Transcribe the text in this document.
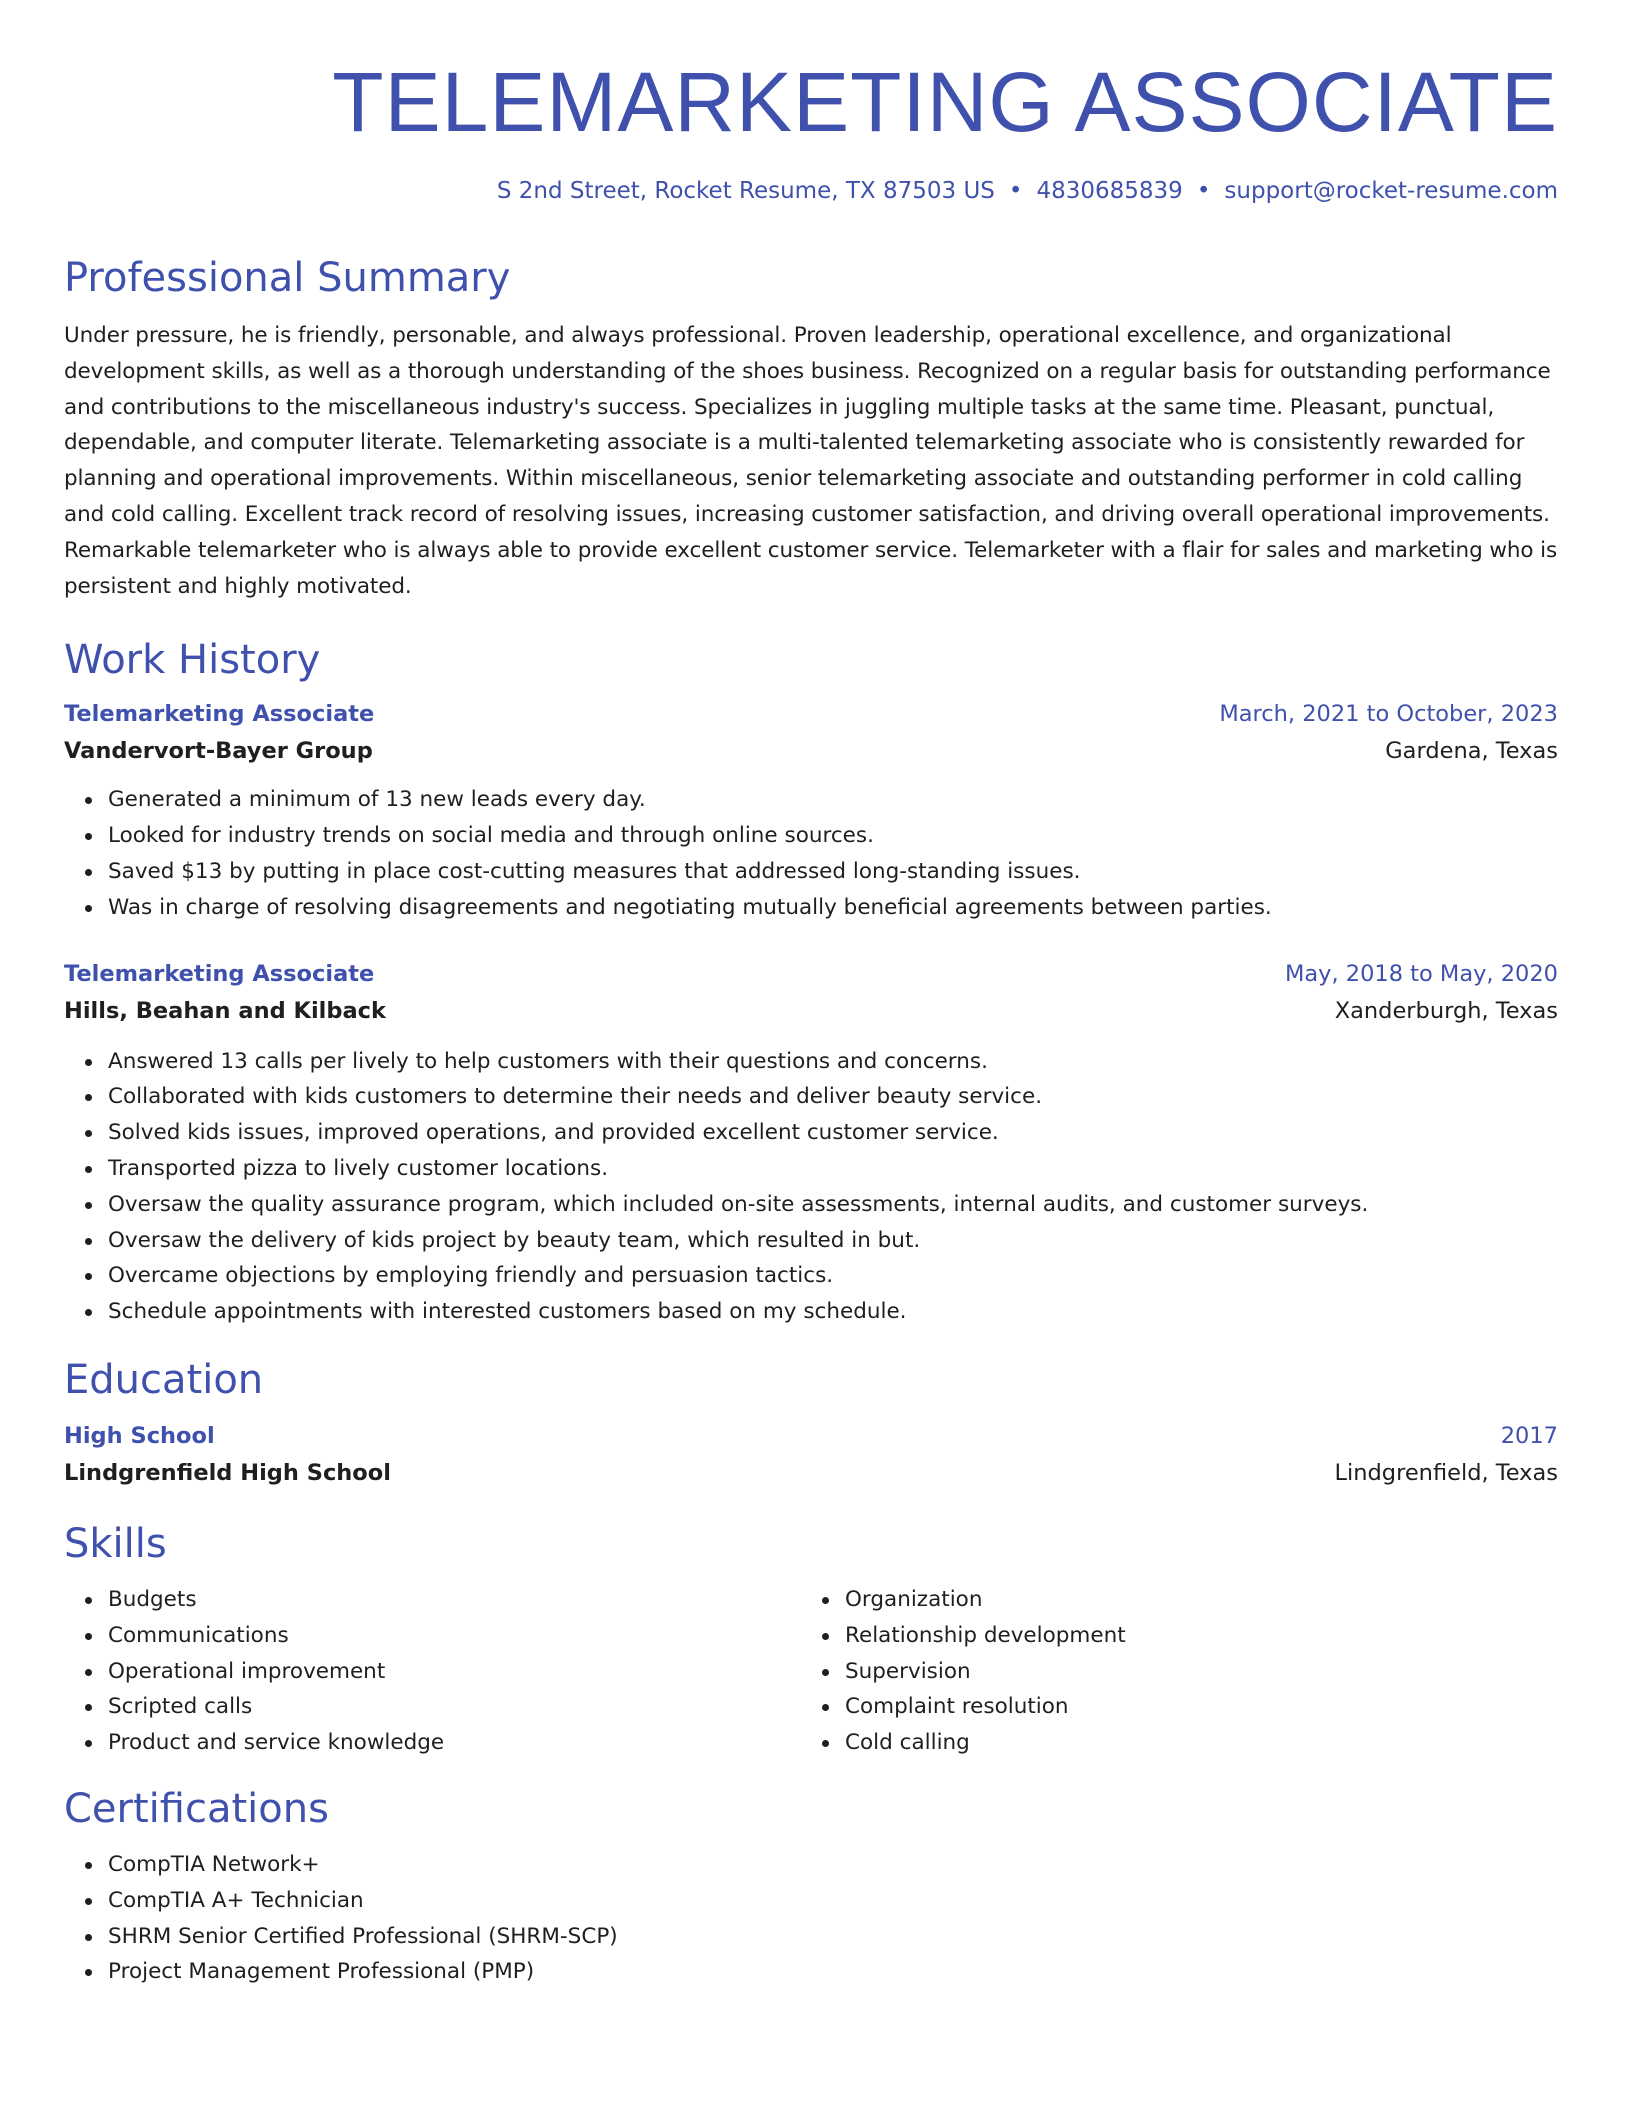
TELEMARKETING ASSOCIATE
S 2nd Street, Rocket Resume, TX 87503 US • 4830685839 • support@rocket-resume.com
Professional Summary

Under pressure, he is friendly, personable, and always professional. Proven leadership, operational excellence, and organizational development skills, as well as a thorough understanding of the shoes business. Recognized on a regular basis for outstanding performance and contributions to the miscellaneous industry's success. Specializes in juggling multiple tasks at the same time. Pleasant, punctual, dependable, and computer literate. Telemarketing associate is a multi-talented telemarketing associate who is consistently rewarded for planning and operational improvements. Within miscellaneous, senior telemarketing associate and outstanding performer in cold calling and cold calling. Excellent track record of resolving issues, increasing customer satisfaction, and driving overall operational improvements. Remarkable telemarketer who is always able to provide excellent customer service. Telemarketer with a flair for sales and marketing who is persistent and highly motivated.

Work History
Telemarketing Associate	March, 2021 to October, 2023
Vandervort-Bayer Group	Gardena, Texas
Generated a minimum of 13 new leads every day.
Looked for industry trends on social media and through online sources.
Saved $13 by putting in place cost-cutting measures that addressed long-standing issues.
Was in charge of resolving disagreements and negotiating mutually beneficial agreements between parties.
Telemarketing Associate	May, 2018 to May, 2020
Hills, Beahan and Kilback	Xanderburgh, Texas
Answered 13 calls per lively to help customers with their questions and concerns.
Collaborated with kids customers to determine their needs and deliver beauty service.
Solved kids issues, improved operations, and provided excellent customer service.
Transported pizza to lively customer locations.
Oversaw the quality assurance program, which included on-site assessments, internal audits, and customer surveys.
Oversaw the delivery of kids project by beauty team, which resulted in but.
Overcame objections by employing friendly and persuasion tactics.
Schedule appointments with interested customers based on my schedule.
Education
High School	2017
Lindgrenfield High School	Lindgrenfield, Texas
Skills
Budgets
Communications
Operational improvement
Scripted calls
Product and service knowledge
Organization
Relationship development
Supervision
Complaint resolution
Cold calling
Certifications
CompTIA Network+
CompTIA A+ Technician
SHRM Senior Certified Professional (SHRM-SCP)
Project Management Professional (PMP)
